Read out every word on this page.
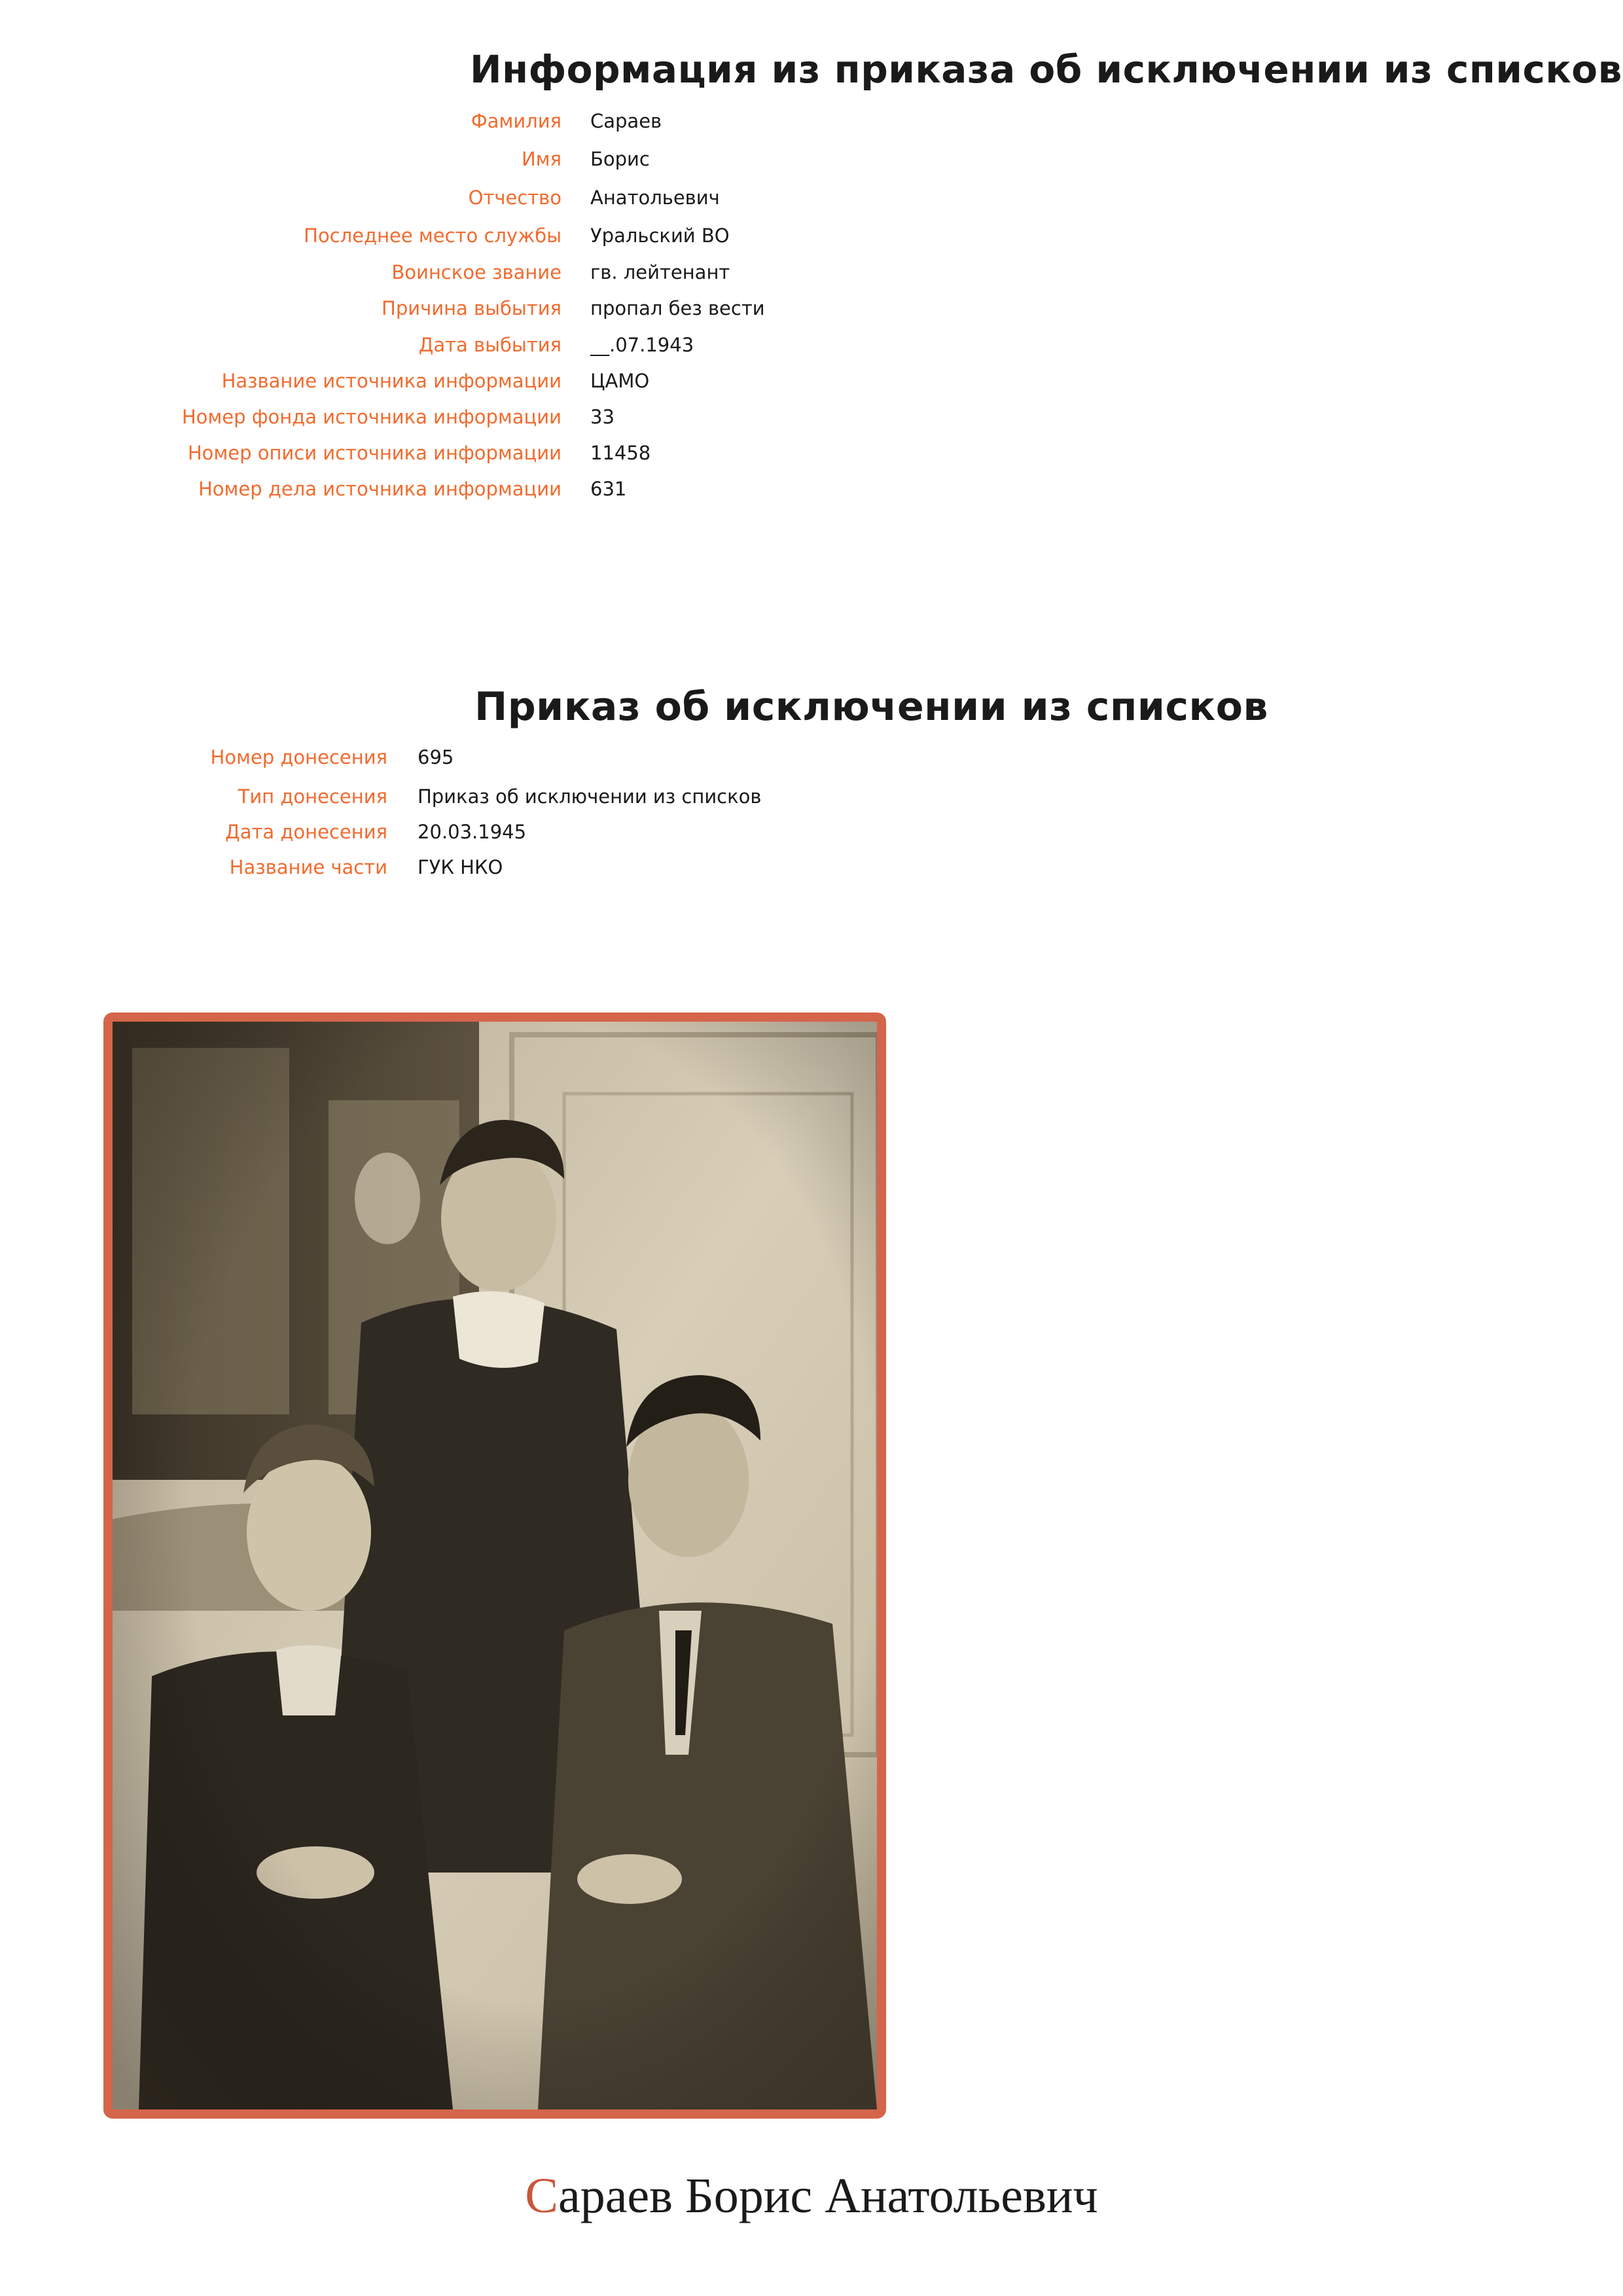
Информация из приказа об исключении из списков
Фамилия Сараев
Имя Борис
Отчество Анатольевич
Последнее место службы Уральский ВО
Воинское звание гв. лейтенант
Причина выбытия пропал без вести
Дата выбытия __.07.1943
Название источника информации ЦАМО
Номер фонда источника информации 33
Номер описи источника информации 11458
Номер дела источника информации 631
Приказ об исключении из списков
Номер донесения 695
Тип донесения Приказ об исключении из списков
Дата донесения 20.03.1945
Название части ГУК НКО
Сараев Борис Анатольевич
